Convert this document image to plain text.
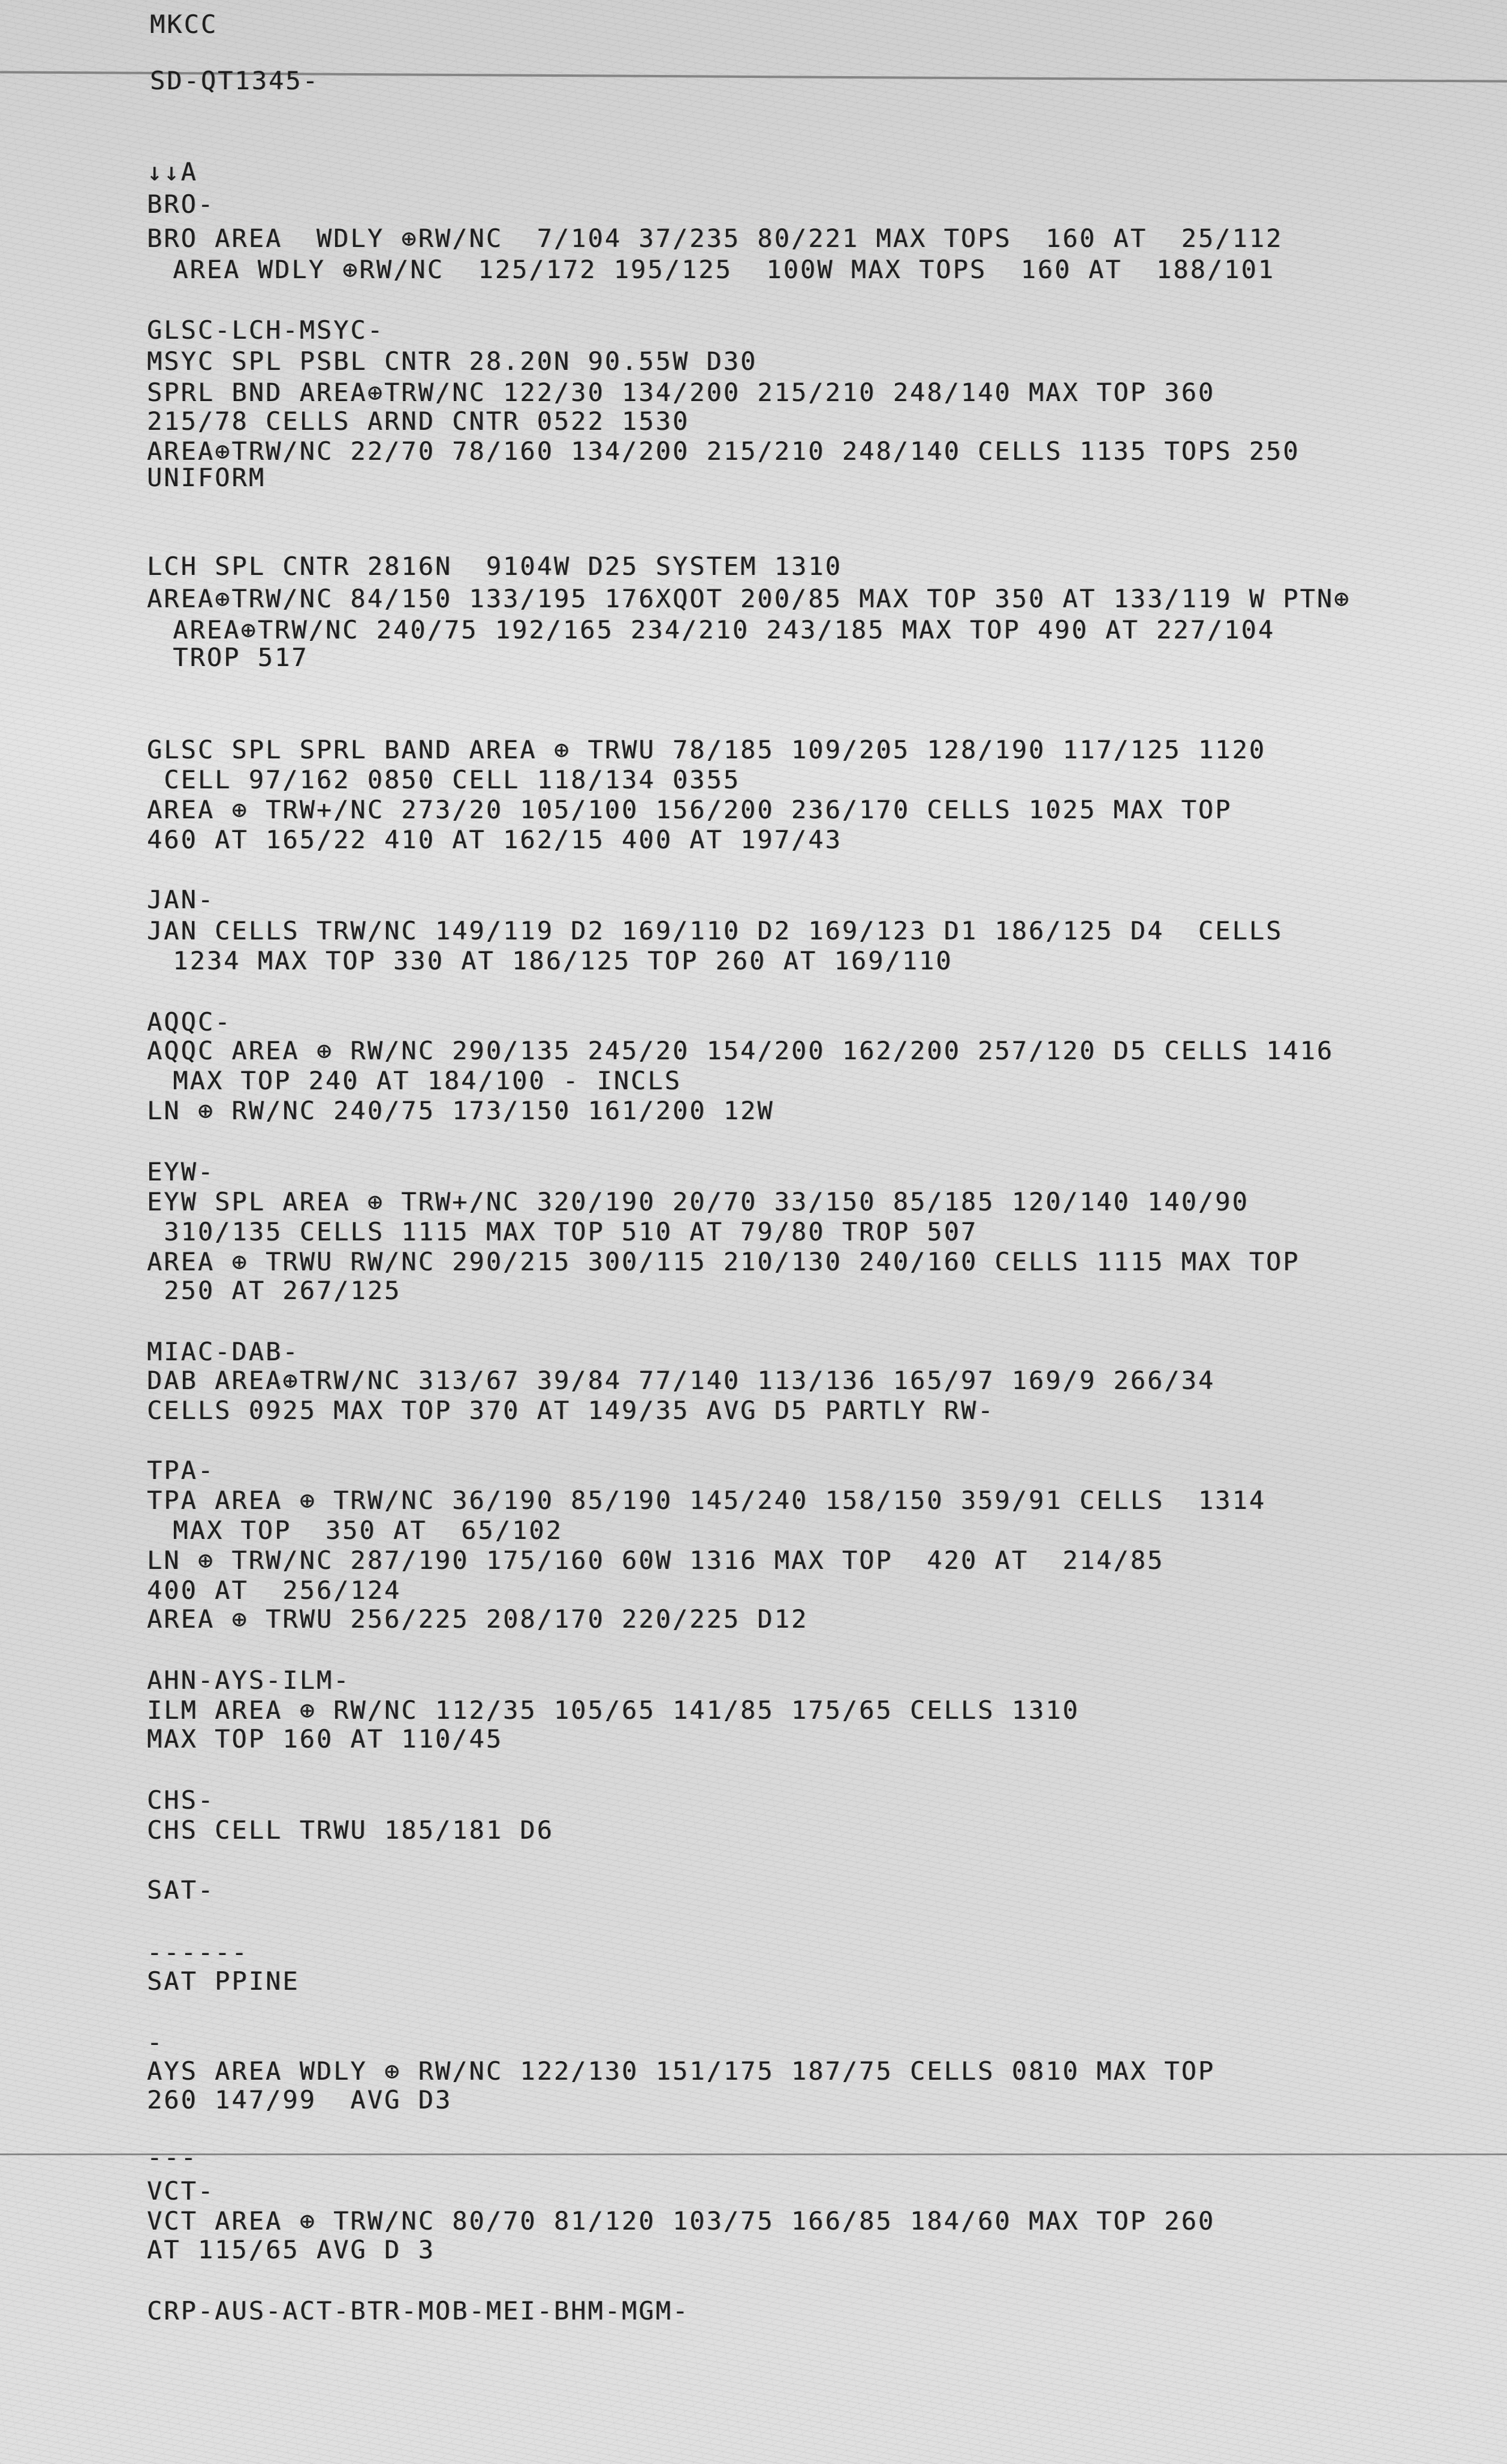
MKCC

SD-QT1345-

↓↓A

BRO-

BRO AREA  WDLY ⊕RW/NC  7/104 37/235 80/221 MAX TOPS  160 AT  25/112

AREA WDLY ⊕RW/NC  125/172 195/125  100W MAX TOPS  160 AT  188/101

GLSC-LCH-MSYC-

MSYC SPL PSBL CNTR 28.20N 90.55W D30

SPRL BND AREA⊕TRW/NC 122/30 134/200 215/210 248/140 MAX TOP 360

215/78 CELLS ARND CNTR 0522 1530

AREA⊕TRW/NC 22/70 78/160 134/200 215/210 248/140 CELLS 1135 TOPS 250

UNIFORM

LCH SPL CNTR 2816N  9104W D25 SYSTEM 1310

AREA⊕TRW/NC 84/150 133/195 176XQOT 200/85 MAX TOP 350 AT 133/119 W PTN⊕

AREA⊕TRW/NC 240/75 192/165 234/210 243/185 MAX TOP 490 AT 227/104

TROP 517

GLSC SPL SPRL BAND AREA ⊕ TRWU 78/185 109/205 128/190 117/125 1120

CELL 97/162 0850 CELL 118/134 0355

AREA ⊕ TRW+/NC 273/20 105/100 156/200 236/170 CELLS 1025 MAX TOP

460 AT 165/22 410 AT 162/15 400 AT 197/43

JAN-

JAN CELLS TRW/NC 149/119 D2 169/110 D2 169/123 D1 186/125 D4  CELLS

1234 MAX TOP 330 AT 186/125 TOP 260 AT 169/110

AQQC-

AQQC AREA ⊕ RW/NC 290/135 245/20 154/200 162/200 257/120 D5 CELLS 1416

MAX TOP 240 AT 184/100 - INCLS

LN ⊕ RW/NC 240/75 173/150 161/200 12W

EYW-

EYW SPL AREA ⊕ TRW+/NC 320/190 20/70 33/150 85/185 120/140 140/90

310/135 CELLS 1115 MAX TOP 510 AT 79/80 TROP 507

AREA ⊕ TRWU RW/NC 290/215 300/115 210/130 240/160 CELLS 1115 MAX TOP

250 AT 267/125

MIAC-DAB-

DAB AREA⊕TRW/NC 313/67 39/84 77/140 113/136 165/97 169/9 266/34

CELLS 0925 MAX TOP 370 AT 149/35 AVG D5 PARTLY RW-

TPA-

TPA AREA ⊕ TRW/NC 36/190 85/190 145/240 158/150 359/91 CELLS  1314

MAX TOP  350 AT  65/102

LN ⊕ TRW/NC 287/190 175/160 60W 1316 MAX TOP  420 AT  214/85

400 AT  256/124

AREA ⊕ TRWU 256/225 208/170 220/225 D12

AHN-AYS-ILM-

ILM AREA ⊕ RW/NC 112/35 105/65 141/85 175/65 CELLS 1310

MAX TOP 160 AT 110/45

CHS-

CHS CELL TRWU 185/181 D6

SAT-

------

SAT PPINE

-

AYS AREA WDLY ⊕ RW/NC 122/130 151/175 187/75 CELLS 0810 MAX TOP

260 147/99  AVG D3

---

VCT-

VCT AREA ⊕ TRW/NC 80/70 81/120 103/75 166/85 184/60 MAX TOP 260

AT 115/65 AVG D 3

CRP-AUS-ACT-BTR-MOB-MEI-BHM-MGM-
